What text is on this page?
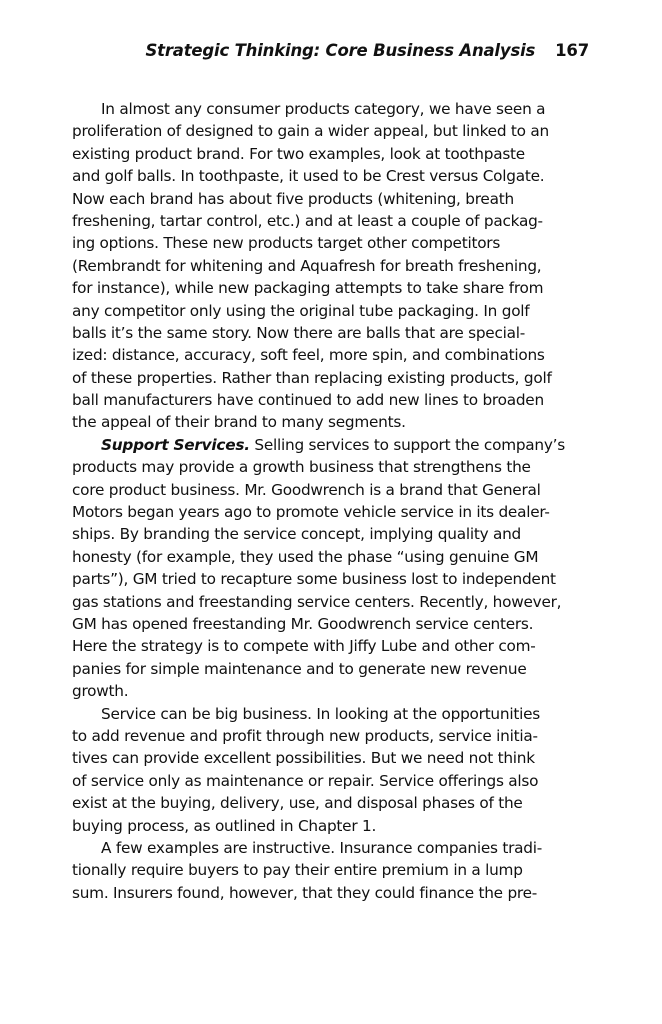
Strategic Thinking: Core Business Analysis 167
In almost any consumer products category, we have seen a
proliferation of designed to gain a wider appeal, but linked to an
existing product brand. For two examples, look at toothpaste
and golf balls. In toothpaste, it used to be Crest versus Colgate.
Now each brand has about five products (whitening, breath
freshening, tartar control, etc.) and at least a couple of packag-
ing options. These new products target other competitors
(Rembrandt for whitening and Aquafresh for breath freshening,
for instance), while new packaging attempts to take share from
any competitor only using the original tube packaging. In golf
balls it’s the same story. Now there are balls that are special-
ized: distance, accuracy, soft feel, more spin, and combinations
of these properties. Rather than replacing existing products, golf
ball manufacturers have continued to add new lines to broaden
the appeal of their brand to many segments.
Support Services. Selling services to support the company’s
products may provide a growth business that strengthens the
core product business. Mr. Goodwrench is a brand that General
Motors began years ago to promote vehicle service in its dealer-
ships. By branding the service concept, implying quality and
honesty (for example, they used the phase “using genuine GM
parts”), GM tried to recapture some business lost to independent
gas stations and freestanding service centers. Recently, however,
GM has opened freestanding Mr. Goodwrench service centers.
Here the strategy is to compete with Jiffy Lube and other com-
panies for simple maintenance and to generate new revenue
growth.
Service can be big business. In looking at the opportunities
to add revenue and profit through new products, service initia-
tives can provide excellent possibilities. But we need not think
of service only as maintenance or repair. Service offerings also
exist at the buying, delivery, use, and disposal phases of the
buying process, as outlined in Chapter 1.
A few examples are instructive. Insurance companies tradi-
tionally require buyers to pay their entire premium in a lump
sum. Insurers found, however, that they could finance the pre-
